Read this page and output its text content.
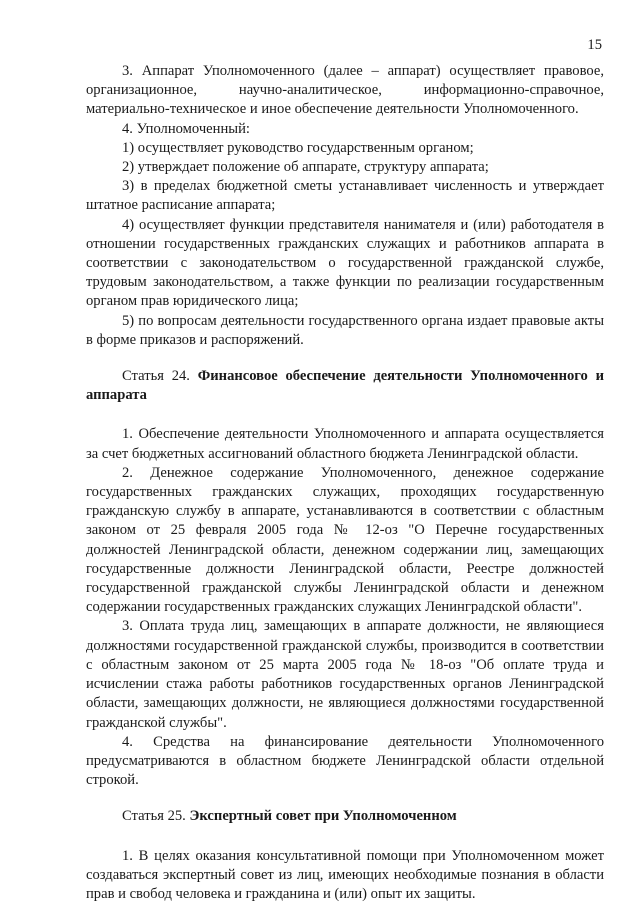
15

3. Аппарат Уполномоченного (далее – аппарат) осуществляет правовое, организационное, научно-аналитическое, информационно-справочное, материально-техническое и иное обеспечение деятельности Уполномоченного.

4. Уполномоченный:

1) осуществляет руководство государственным органом;

2) утверждает положение об аппарате, структуру аппарата;

3) в пределах бюджетной сметы устанавливает численность и утверждает штатное расписание аппарата;

4) осуществляет функции представителя нанимателя и (или) работодателя в отношении государственных гражданских служащих и работников аппарата в соответствии с законодательством о государственной гражданской службе, трудовым законодательством, а также функции по реализации государственным органом прав юридического лица;

5) по вопросам деятельности государственного органа издает правовые акты в форме приказов и распоряжений.

Статья 24. Финансовое обеспечение деятельности Уполномоченного и аппарата

1. Обеспечение деятельности Уполномоченного и аппарата осуществляется за счет бюджетных ассигнований областного бюджета Ленинградской области.

2. Денежное содержание Уполномоченного, денежное содержание государственных гражданских служащих, проходящих государственную гражданскую службу в аппарате, устанавливаются в соответствии с областным законом от 25 февраля 2005 года № 12-оз "О Перечне государственных должностей Ленинградской области, денежном содержании лиц, замещающих государственные должности Ленинградской области, Реестре должностей государственной гражданской службы Ленинградской области и денежном содержании государственных гражданских служащих Ленинградской области".

3. Оплата труда лиц, замещающих в аппарате должности, не являющиеся должностями государственной гражданской службы, производится в соответствии с областным законом от 25 марта 2005 года № 18-оз "Об оплате труда и исчислении стажа работы работников государственных органов Ленинградской области, замещающих должности, не являющиеся должностями государственной гражданской службы".

4. Средства на финансирование деятельности Уполномоченного предусматриваются в областном бюджете Ленинградской области отдельной строкой.

Статья 25. Экспертный совет при Уполномоченном

1. В целях оказания консультативной помощи при Уполномоченном может создаваться экспертный совет из лиц, имеющих необходимые познания в области прав и свобод человека и гражданина и (или) опыт их защиты.
